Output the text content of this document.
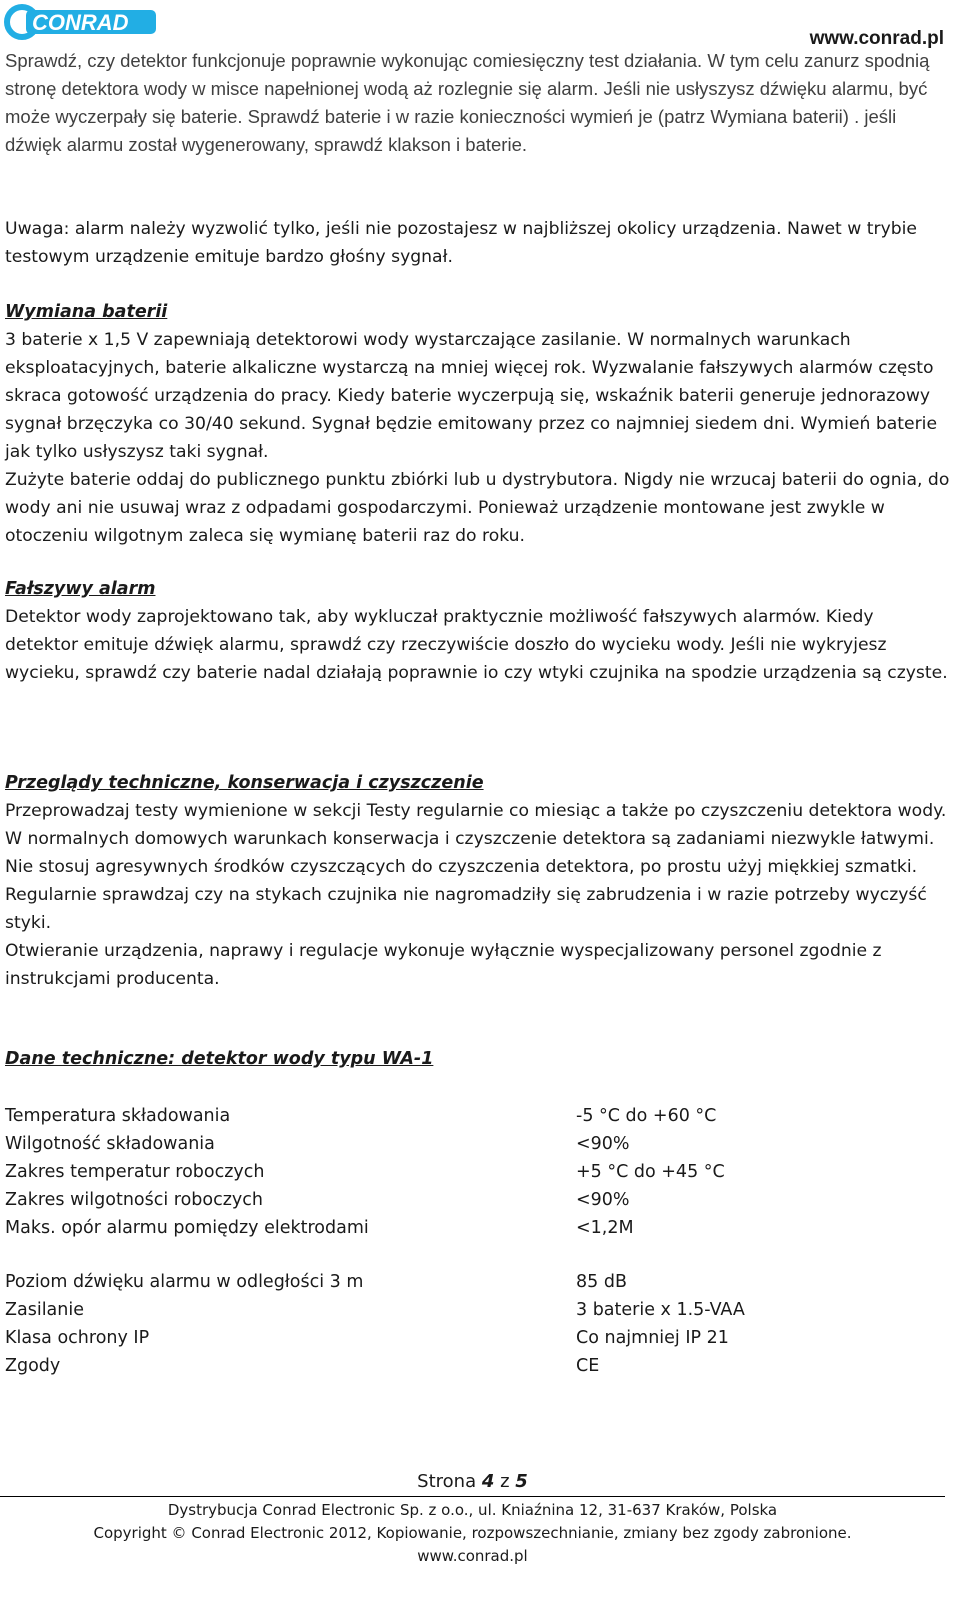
CONRAD
www.conrad.pl

Sprawdź, czy detektor funkcjonuje poprawnie wykonując comiesięczny test działania. W tym celu zanurz spodnią stronę detektora wody w misce napełnionej wodą aż rozlegnie się alarm. Jeśli nie usłyszysz dźwięku alarmu, być może wyczerpały się baterie. Sprawdź baterie i w razie konieczności wymień je (patrz Wymiana baterii) . jeśli dźwięk alarmu został wygenerowany, sprawdź klakson i baterie.

Uwaga: alarm należy wyzwolić tylko, jeśli nie pozostajesz w najbliższej okolicy urządzenia. Nawet w trybie testowym urządzenie emituje bardzo głośny sygnał.

Wymiana baterii

3 baterie x 1,5 V zapewniają detektorowi wody wystarczające zasilanie. W normalnych warunkach eksploatacyjnych, baterie alkaliczne wystarczą na mniej więcej rok. Wyzwalanie fałszywych alarmów często skraca gotowość urządzenia do pracy. Kiedy baterie wyczerpują się, wskaźnik baterii generuje jednorazowy sygnał brzęczyka co 30/40 sekund. Sygnał będzie emitowany przez co najmniej siedem dni. Wymień baterie jak tylko usłyszysz taki sygnał.

Zużyte baterie oddaj do publicznego punktu zbiórki lub u dystrybutora. Nigdy nie wrzucaj baterii do ognia, do wody ani nie usuwaj wraz z odpadami gospodarczymi. Ponieważ urządzenie montowane jest zwykle w otoczeniu wilgotnym zaleca się wymianę baterii raz do roku.

Fałszywy alarm

Detektor wody zaprojektowano tak, aby wykluczał praktycznie możliwość fałszywych alarmów. Kiedy detektor emituje dźwięk alarmu, sprawdź czy rzeczywiście doszło do wycieku wody. Jeśli nie wykryjesz wycieku, sprawdź czy baterie nadal działają poprawnie io czy wtyki czujnika na spodzie urządzenia są czyste.

Przeglądy techniczne, konserwacja i czyszczenie

Przeprowadzaj testy wymienione w sekcji Testy regularnie co miesiąc a także po czyszczeniu detektora wody. W normalnych domowych warunkach konserwacja i czyszczenie detektora są zadaniami niezwykle łatwymi.

Nie stosuj agresywnych środków czyszczących do czyszczenia detektora, po prostu użyj miękkiej szmatki. Regularnie sprawdzaj czy na stykach czujnika nie nagromadziły się zabrudzenia i w razie potrzeby wyczyść styki.

Otwieranie urządzenia, naprawy i regulacje wykonuje wyłącznie wyspecjalizowany personel zgodnie z instrukcjami producenta.

Dane techniczne: detektor wody typu WA-1

Temperatura składowania	-5 °C do +60 °C
Wilgotność składowania	<90%
Zakres temperatur roboczych	+5 °C do +45 °C
Zakres wilgotności roboczych	<90%
Maks. opór alarmu pomiędzy elektrodami	<1,2M
Poziom dźwięku alarmu w odległości 3 m	85 dB
Zasilanie	3 baterie x 1.5-VAA
Klasa ochrony IP	Co najmniej IP 21
Zgody	CE
Strona 4 z 5
Dystrybucja Conrad Electronic Sp. z o.o., ul. Kniaźnina 12, 31-637 Kraków, Polska
Copyright © Conrad Electronic 2012, Kopiowanie, rozpowszechnianie, zmiany bez zgody zabronione.
www.conrad.pl
